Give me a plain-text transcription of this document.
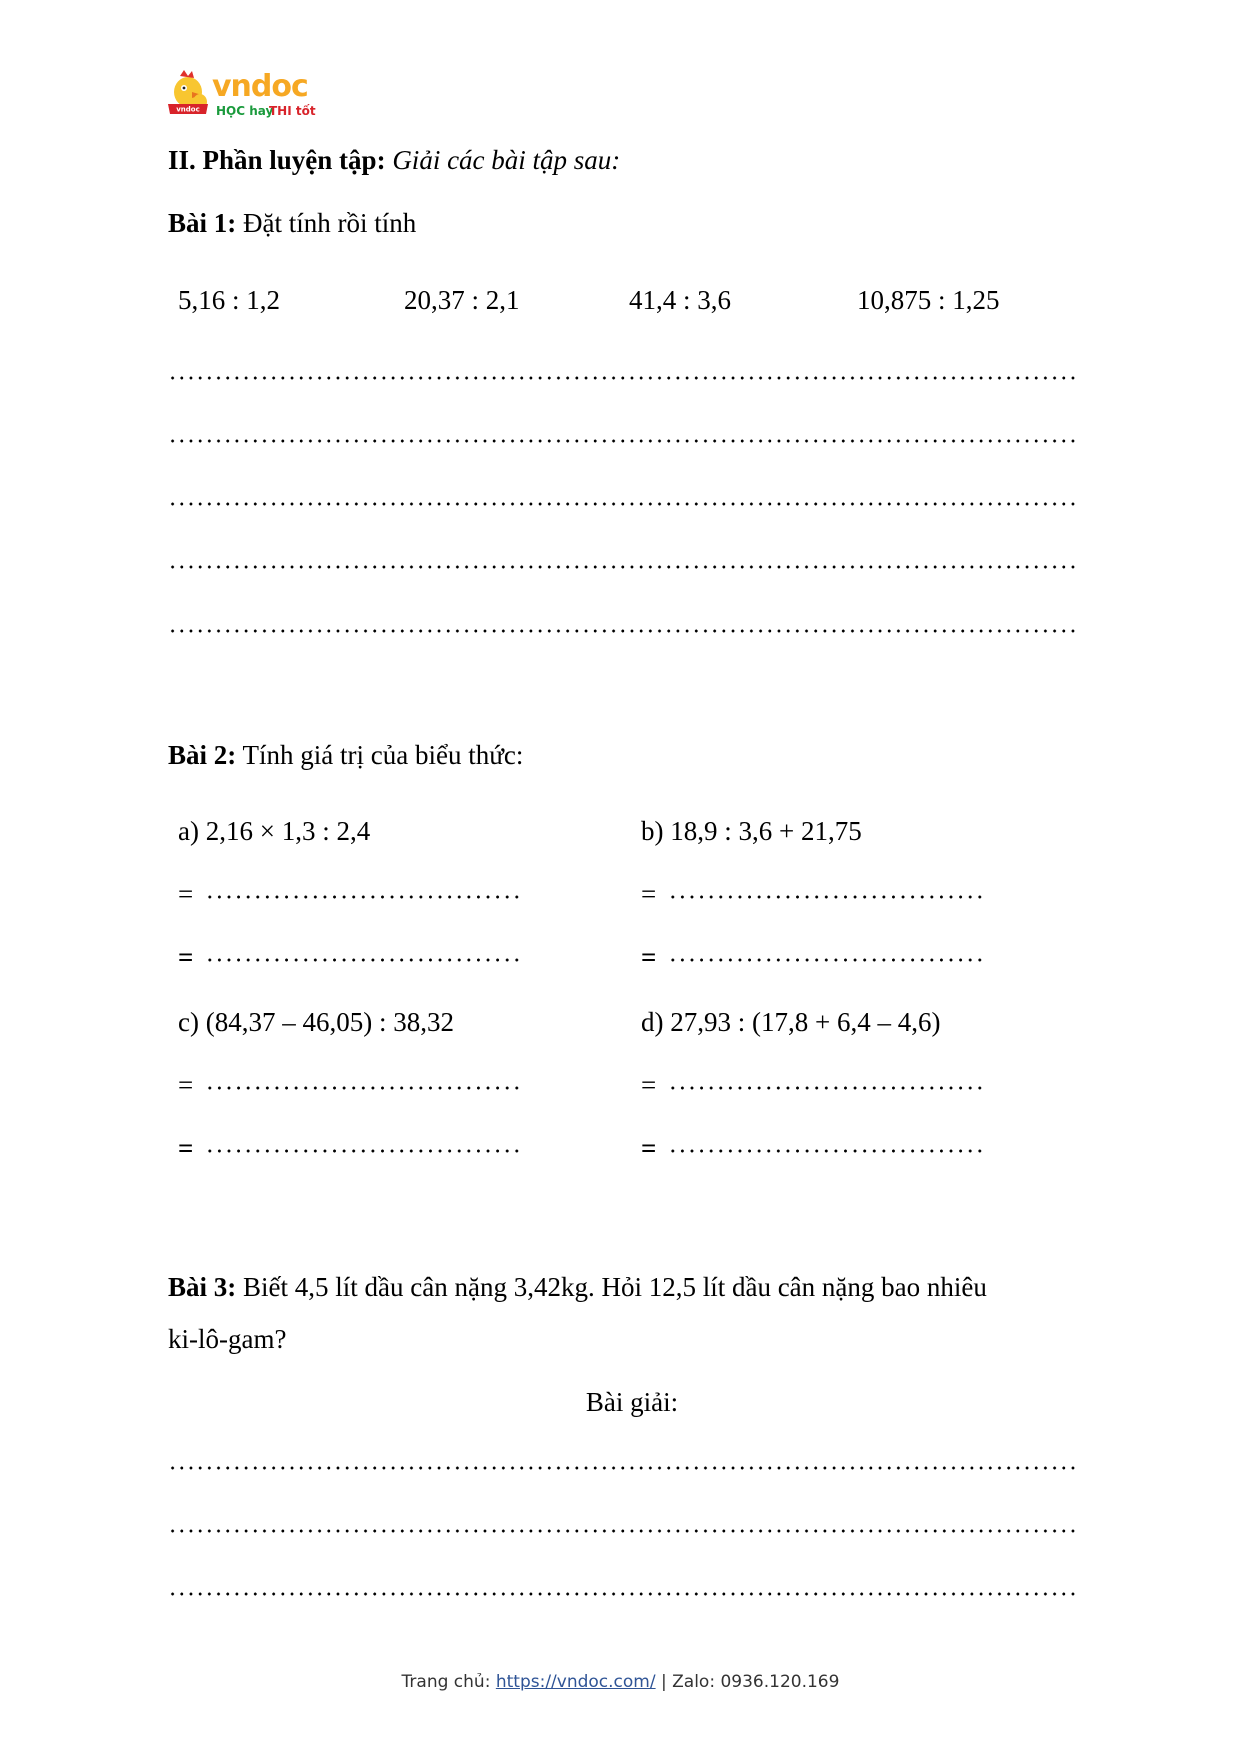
vndoc
vndoc
HỌC hay
THI tốt
II. Phần luyện tập: Giải các bài tập sau:
Bài 1: Đặt tính rồi tính
5,16 : 1,2	20,37 : 2,1	41,4 : 3,6	10,875 : 1,25
Bài 2: Tính giá trị của biểu thức:
a) 2,16 × 1,3 : 2,4
=
=
b) 18,9 : 3,6 + 21,75
=
=
c) (84,37 – 46,05) : 38,32
=
=
d) 27,93 : (17,8 + 6,4 – 4,6)
=
=
Bài 3: Biết 4,5 lít dầu cân nặng 3,42kg. Hỏi 12,5 lít dầu cân nặng bao nhiêu
ki-lô-gam?
Bài giải:
Trang chủ: https://vndoc.com/ | Zalo: 0936.120.169
